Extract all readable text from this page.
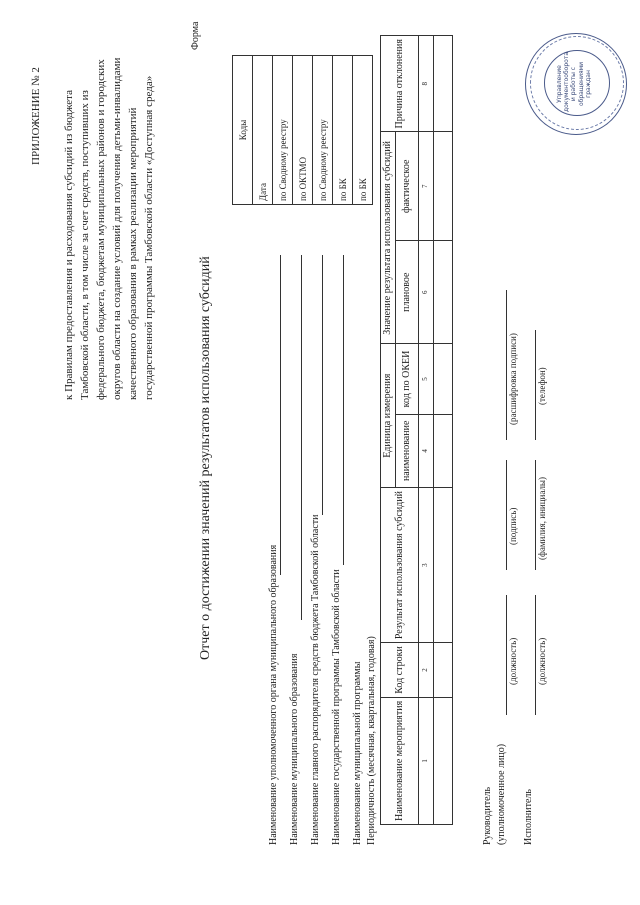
ПРИЛОЖЕНИЕ № 2 к Правилам предоставления и расходования субсидий из бюджета Тамбовской области, в том числе за счет средств, поступивших из федерального бюджета, бюджетам муниципальных районов и городских округов области на создание условий для получения детьми-инвалидами качественного образования в рамках реализации мероприятий государственной программы Тамбовской области «Доступная среда»
Форма
Отчет о достижении значений результатов использования субсидий
Коды
Дата
по Сводному реестру
по ОКТМО
по Сводному реестру
по БК
по БК
Наименование уполномоченного органа муниципального образования Наименование муниципального образования Наименование главного распорядителя средств бюджета Тамбовской области Наименование государственной программы Тамбовской области Наименование муниципальной программы Периодичность (месячная, квартальная, годовая) Наименование мероприятия	Код строки	Результат использования субсидий	Единица измерения		Значение результата использования субсидий		Причина отклонения
			наименование	код по ОКЕИ	плановое	фактическое	
1	2	3	4	5	6	7	8

Руководитель (уполномоченное лицо)
(должность)
(подпись)
(расшифровка подписи)
Исполнитель
(должность)
(фамилия, инициалы)
(телефон)
Управление документооборота и работы с обращениями граждан
